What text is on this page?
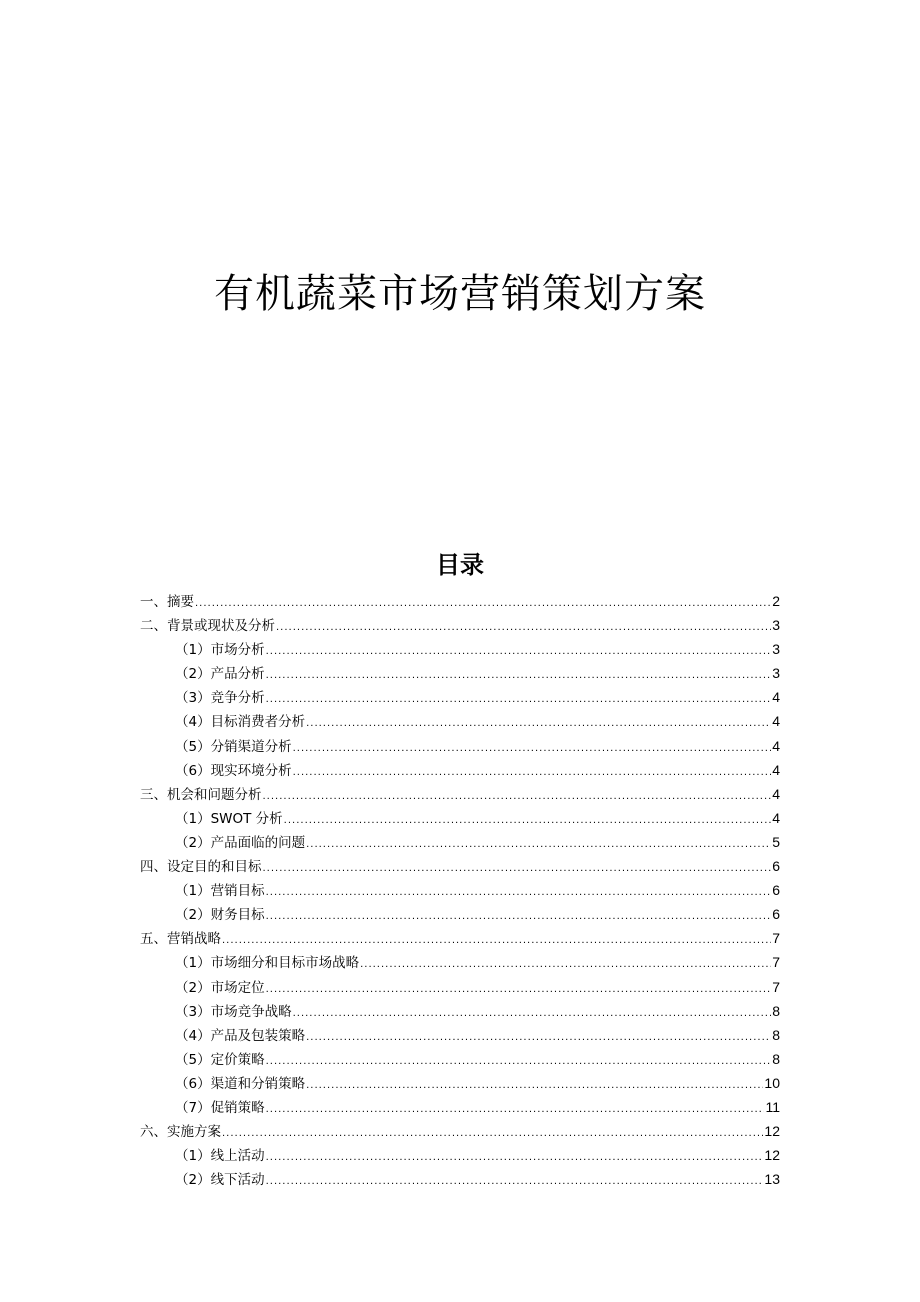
有机蔬菜市场营销策划方案
目录
一、摘要 .....	2
二、背景或现状及分析 .....	3
（1）市场分析 .....	3
（2）产品分析 .....	3
（3）竞争分析 .....	4
（4）目标消费者分析 .....	4
（5）分销渠道分析 .....	4
（6）现实环境分析 .....	4
三、机会和问题分析 .....	4
（1）SWOT 分析 .....	4
（2）产品面临的问题 .....	5
四、设定目的和目标 .....	6
（1）营销目标 .....	6
（2）财务目标 .....	6
五、营销战略 .....	7
（1）市场细分和目标市场战略 .....	7
（2）市场定位 .....	7
（3）市场竞争战略 .....	8
（4）产品及包装策略 .....	8
（5）定价策略 .....	8
（6）渠道和分销策略 .....	10
（7）促销策略 .....	11
六、实施方案 .....	12
（1）线上活动 .....	12
（2）线下活动 .....	13
